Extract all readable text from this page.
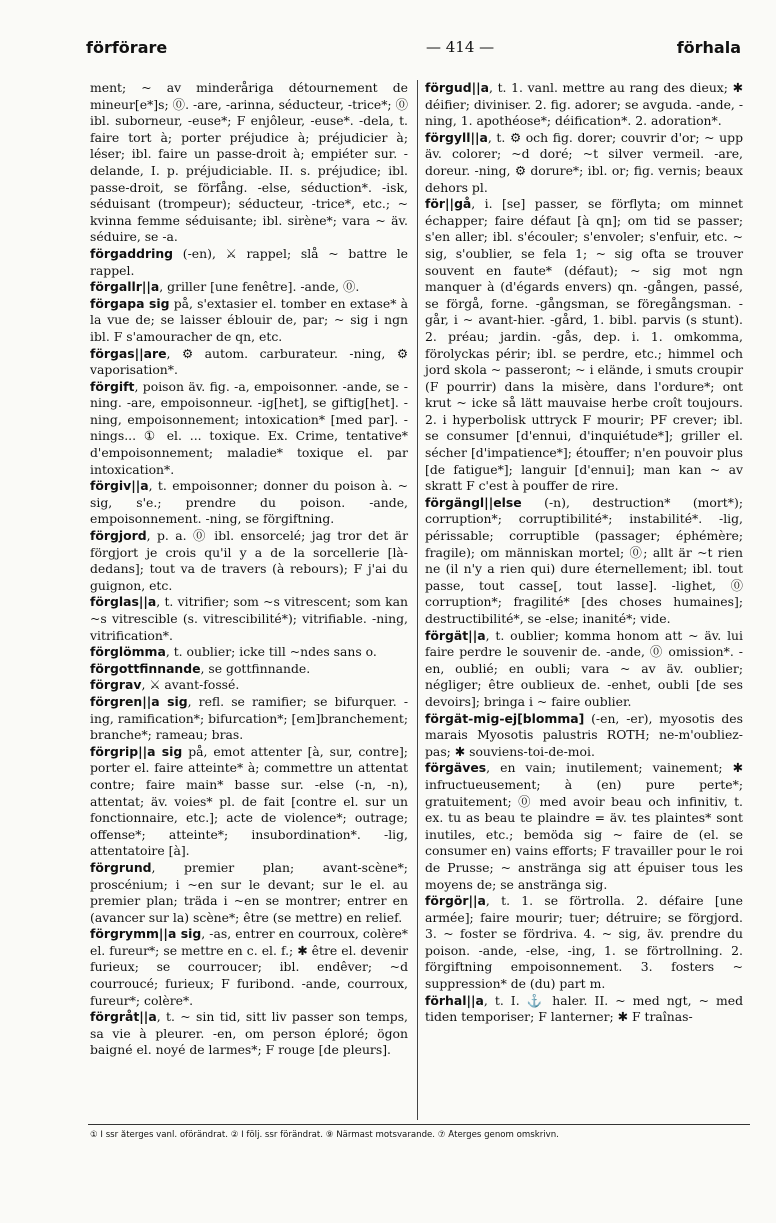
förförare	— 414 —	förhala

ment; ~ av minderåriga détournement de mineur[e*]s; ⓪. -are, -arinna, séducteur, -trice*; ⓪ ibl. suborneur, -euse*; F enjôleur, -euse*. -dela, t. faire tort à; porter préjudice à; préjudicier à; léser; ibl. faire un passe-droit à; empiéter sur. -delande, I. p. préjudiciable. II. s. préjudice; ibl. passe-droit, se förfång. -else, séduction*. -isk, séduisant (trompeur); séducteur, -trice*, etc.; ~ kvinna femme séduisante; ibl. sirène*; vara ~ äv. séduire, se -a.

förgaddring (-en), ⚔ rappel; slå ~ battre le rappel.

förgallr||a, griller [une fenêtre]. -ande, ⓪.

förgapa sig på, s'extasier el. tomber en extase* à la vue de; se laisser éblouir de, par; ~ sig i ngn ibl. F s'amouracher de qn, etc.

förgas||are, ⚙ autom. carburateur. -ning, ⚙ vaporisation*.

förgift, poison äv. fig. -a, empoisonner. -ande, se -ning. -are, empoisonneur. -ig[het], se giftig[het]. -ning, empoisonnement; intoxication* [med par]. -nings... ① el. ... toxique. Ex. Crime, tentative* d'empoisonnement; maladie* toxique el. par intoxication*.

förgiv||a, t. empoisonner; donner du poison à. ~ sig, s'e.; prendre du poison. -ande, empoisonnement. -ning, se förgiftning.

förgjord, p. a. ⓪ ibl. ensorcelé; jag tror det är förgjort je crois qu'il y a de la sorcellerie [là-dedans]; tout va de travers (à rebours); F j'ai du guignon, etc.

förglas||a, t. vitrifier; som ~s vitrescent; som kan ~s vitrescible (s. vitrescibilité*); vitrifiable. -ning, vitrification*.

förglömma, t. oublier; icke till ~ndes sans o.

förgottfinnande, se gottfinnande.

förgrav, ⚔ avant-fossé.

förgren||a sig, refl. se ramifier; se bifurquer. -ing, ramification*; bifurcation*; [em]branchement; branche*; rameau; bras.

förgrip||a sig på, emot attenter [à, sur, contre]; porter el. faire atteinte* à; commettre un attentat contre; faire main* basse sur. -else (-n, -n), attentat; äv. voies* pl. de fait [contre el. sur un fonctionnaire, etc.]; acte de violence*; outrage; offense*; atteinte*; insubordination*. -lig, attentatoire [à].

förgrund, premier plan; avant-scène*; proscénium; i ~en sur le devant; sur le el. au premier plan; träda i ~en se montrer; entrer en (avancer sur la) scène*; être (se mettre) en relief.

förgrymm||a sig, -as, entrer en courroux, colère* el. fureur*; se mettre en c. el. f.; ✱ être el. devenir furieux; se courroucer; ibl. endêver; ~d courroucé; furieux; F furibond. -ande, courroux, fureur*; colère*.

förgråt||a, t. ~ sin tid, sitt liv passer son temps, sa vie à pleurer. -en, om person éploré; ögon baigné el. noyé de larmes*; F rouge [de pleurs].

förgud||a, t. 1. vanl. mettre au rang des dieux; ✱ déifier; diviniser. 2. fig. adorer; se avguda. -ande, -ning, 1. apothéose*; déification*. 2. adoration*.

förgyll||a, t. ⚙ och fig. dorer; couvrir d'or; ~ upp äv. colorer; ~d doré; ~t silver vermeil. -are, doreur. -ning, ⚙ dorure*; ibl. or; fig. vernis; beaux dehors pl.

för||gå, i. [se] passer, se förflyta; om minnet échapper; faire défaut [à qn]; om tid se passer; s'en aller; ibl. s'écouler; s'envoler; s'enfuir, etc. ~ sig, s'oublier, se fela 1; ~ sig ofta se trouver souvent en faute* (défaut); ~ sig mot ngn manquer à (d'égards envers) qn. -gången, passé, se förgå, forne. -gångsman, se föregångsman. -går, i ~ avant-hier. -gård, 1. bibl. parvis (s stunt). 2. préau; jardin. -gås, dep. i. 1. omkomma, förolyckas périr; ibl. se perdre, etc.; himmel och jord skola ~ passeront; ~ i elände, i smuts croupir (F pourrir) dans la misère, dans l'ordure*; ont krut ~ icke så lätt mauvaise herbe croît toujours. 2. i hyperbolisk uttryck F mourir; PF crever; ibl. se consumer [d'ennui, d'inquiétude*]; griller el. sécher [d'impatience*]; étouffer; n'en pouvoir plus [de fatigue*]; languir [d'ennui]; man kan ~ av skratt F c'est à pouffer de rire.

förgängl||else (-n), destruction* (mort*); corruption*; corruptibilité*; instabilité*. -lig, périssable; corruptible (passager; éphémère; fragile); om människan mortel; ⓪; allt är ~t rien ne (il n'y a rien qui) dure éternellement; ibl. tout passe, tout casse[, tout lasse]. -lighet, ⓪ corruption*; fragilité* [des choses humaines]; destructibilité*, se -else; inanité*; vide.

förgät||a, t. oublier; komma honom att ~ äv. lui faire perdre le souvenir de. -ande, ⓪ omission*. -en, oublié; en oubli; vara ~ av äv. oublier; négliger; être oublieux de. -enhet, oubli [de ses devoirs]; bringa i ~ faire oublier.

förgät-mig-ej[blomma] (-en, -er), myosotis des marais Myosotis palustris ROTH; ne-m'oubliez-pas; ✱ souviens-toi-de-moi.

förgäves, en vain; inutilement; vainement; ✱ infructueusement; à (en) pure perte*; gratuitement; ⓪ med avoir beau och infinitiv, t. ex. tu as beau te plaindre = äv. tes plaintes* sont inutiles, etc.; bemöda sig ~ faire de (el. se consumer en) vains efforts; F travailler pour le roi de Prusse; ~ anstränga sig att épuiser tous les moyens de; se anstränga sig.

förgör||a, t. 1. se förtrolla. 2. défaire [une armée]; faire mourir; tuer; détruire; se förgjord. 3. ~ foster se fördriva. 4. ~ sig, äv. prendre du poison. -ande, -else, -ing, 1. se förtrollning. 2. förgiftning empoisonnement. 3. fosters ~ suppression* de (du) part m.

förhal||a, t. I. ⚓ haler. II. ~ med ngt, ~ med tiden temporiser; F lanterner; ✱ F traînas-

① I ssr återges vanl. oförändrat. ② I följ. ssr förändrat. ⑨ Närmast motsvarande. ⑦ Återges genom omskrivn.
